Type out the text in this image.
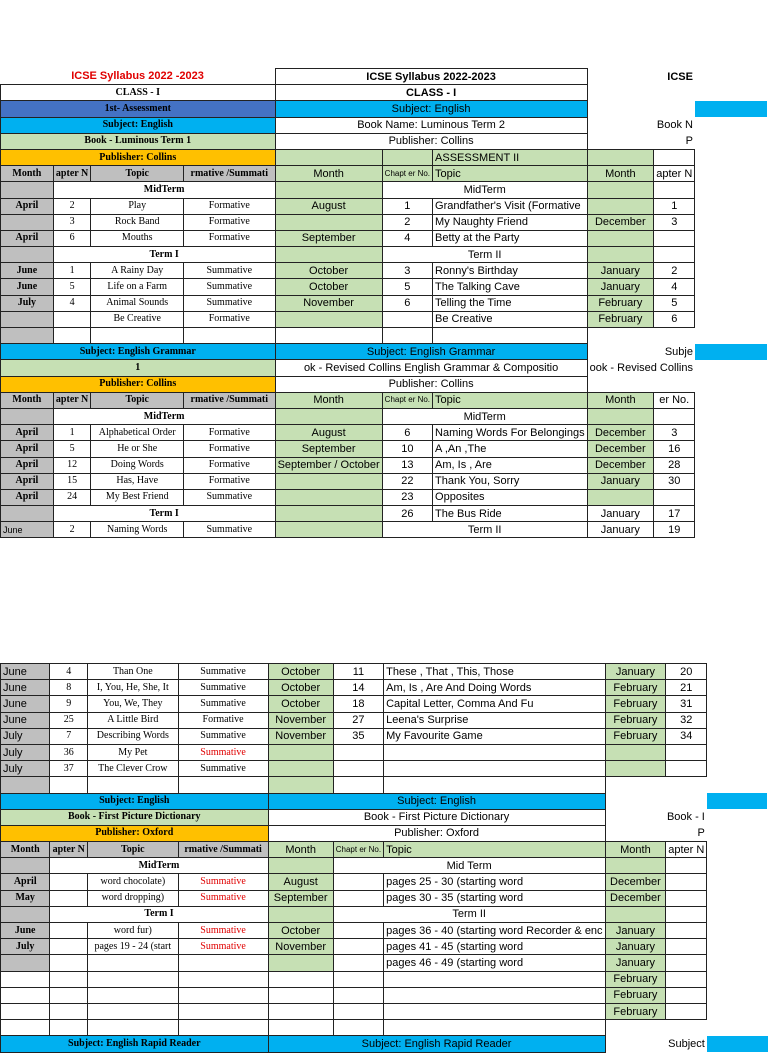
ICSE Syllabus 2022 -2023				ICSE Syllabus 2022-2023			ICSE		
CLASS - I				CLASS - I					
1st- Assessment				Subject: English					
Subject: English				Book Name: Luminous Term 2			Book N		
Book - Luminous Term 1				Publisher: Collins			P		
Publisher: Collins						ASSESSMENT II			
Month	apter N	Topic	rmative /Summati	Month	Chapt er No.	Topic	Month	apter N	
	MidTerm				MidTerm				
April	2	Play	Formative	August	1	Grandfather's Visit (Formative		1	
	3	Rock Band	Formative		2	My Naughty Friend	December	3	
April	6	Mouths	Formative	September	4	Betty at the Party			
	Term I				Term II				
June	1	A Rainy Day	Summative	October	3	Ronny's Birthday	January	2	
June	5	Life on a Farm	Summative	October	5	The Talking Cave	January	4	
July	4	Animal Sounds	Summative	November	6	Telling the Time	February	5	
		Be Creative	Formative			Be Creative	February	6	

Subject: English Grammar				Subject: English Grammar			Subje		
1				ok - Revised Collins English Grammar & Compositio			ook - Revised Collins		
Publisher: Collins				Publisher: Collins					
Month	apter N	Topic	rmative /Summati	Month	Chapt er No.	Topic	Month	er No.	
	MidTerm				MidTerm				
April	1	Alphabetical Order	Formative	August	6	Naming Words For Belongings	December	3	
April	5	He or She	Formative	September	10	A ,An ,The	December	16	
April	12	Doing Words	Formative	September / October	13	Am, Is , Are	December	28	
April	15	Has, Have	Formative		22	Thank You, Sorry	January	30	
April	24	My Best Friend	Summative		23	Opposites			
	Term I				26	The Bus Ride	January	17	
June	2	Naming Words	Summative		Term II		January	19	
June	4	Than One	Summative	October	11	These , That , This, Those	January	20	
June	8	I, You, He, She, It	Summative	October	14	Am, Is , Are And Doing Words	February	21	
June	9	You, We, They	Summative	October	18	Capital Letter, Comma And Fu	February	31	
June	25	A Little Bird	Formative	November	27	Leena's Surprise	February	32	
July	7	Describing Words	Summative	November	35	My Favourite Game	February	34	
July	36	My Pet	Summative						
July	37	The Clever Crow	Summative						

Subject: English				Subject: English					
Book - First Picture Dictionary				Book - First Picture Dictionary			Book - I		
Publisher: Oxford				Publisher: Oxford			P		
Month	apter N	Topic	rmative /Summati	Month	Chapt er No.	Topic	Month	apter N	
	MidTerm				Mid Term				
April		word chocolate)	Summative	August		pages 25 - 30 (starting word	December		
May		word dropping)	Summative	September		pages 30 - 35 (starting word	December		
	Term I				Term II				
June		word fur)	Summative	October		pages 36 - 40 (starting word Recorder & enc	January		
July		pages 19 - 24 (start	Summative	November		pages 41 - 45 (starting word	January		
						pages 46 - 49 (starting word	January		
							February		
							February		
							February		

Subject: English Rapid Reader				Subject: English Rapid Reader			Subject		
